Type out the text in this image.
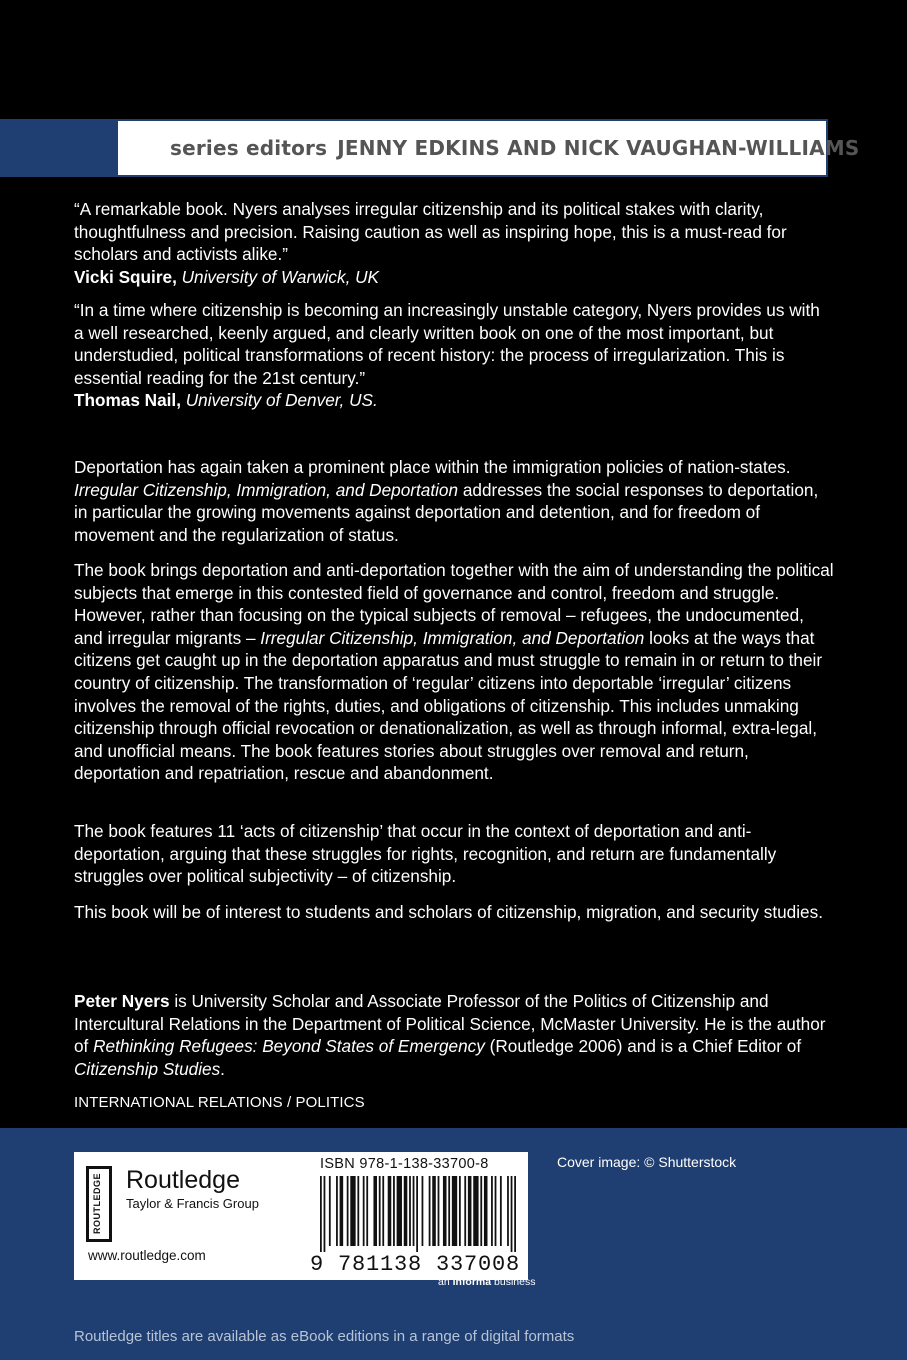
series editors JENNY EDKINS AND NICK VAUGHAN-WILLIAMS

“A remarkable book. Nyers analyses irregular citizenship and its political stakes with clarity, thoughtfulness and precision. Raising caution as well as inspiring hope, this is a must-read for scholars and activists alike.”

Vicki Squire, University of Warwick, UK

“In a time where citizenship is becoming an increasingly unstable category, Nyers provides us with a well researched, keenly argued, and clearly written book on one of the most important, but understudied, political transformations of recent history: the process of irregularization. This is essential reading for the 21st century.”

Thomas Nail, University of Denver, US.

Deportation has again taken a prominent place within the immigration policies of nation-states. Irregular Citizenship, Immigration, and Deportation addresses the social responses to deportation, in particular the growing movements against deportation and detention, and for freedom of movement and the regularization of status.

The book brings deportation and anti-deportation together with the aim of understanding the political subjects that emerge in this contested field of governance and control, freedom and struggle. However, rather than focusing on the typical subjects of removal – refugees, the undocumented, and irregular migrants – Irregular Citizenship, Immigration, and Deportation looks at the ways that citizens get caught up in the deportation apparatus and must struggle to remain in or return to their country of citizenship. The transformation of ‘regular’ citizens into deportable ‘irregular’ citizens involves the removal of the rights, duties, and obligations of citizenship. This includes unmaking citizenship through official revocation or denationalization, as well as through informal, extra-legal, and unofficial means. The book features stories about struggles over removal and return, deportation and repatriation, rescue and abandonment.

The book features 11 ‘acts of citizenship’ that occur in the context of deportation and anti-deportation, arguing that these struggles for rights, recognition, and return are fundamentally struggles over political subjectivity – of citizenship.

This book will be of interest to students and scholars of citizenship, migration, and security studies.

Peter Nyers is University Scholar and Associate Professor of the Politics of Citizenship and Intercultural Relations in the Department of Political Science, McMaster University. He is the author of Rethinking Refugees: Beyond States of Emergency (Routledge 2006) and is a Chief Editor of Citizenship Studies.

INTERNATIONAL RELATIONS / POLITICS
ROUTLEDGE Routledge
Taylor & Francis Group
www.routledge.com
ISBN 978-1-138-33700-8
9 781138 337008
an informa business
Cover image: © Shutterstock
Routledge titles are available as eBook editions in a range of digital formats
